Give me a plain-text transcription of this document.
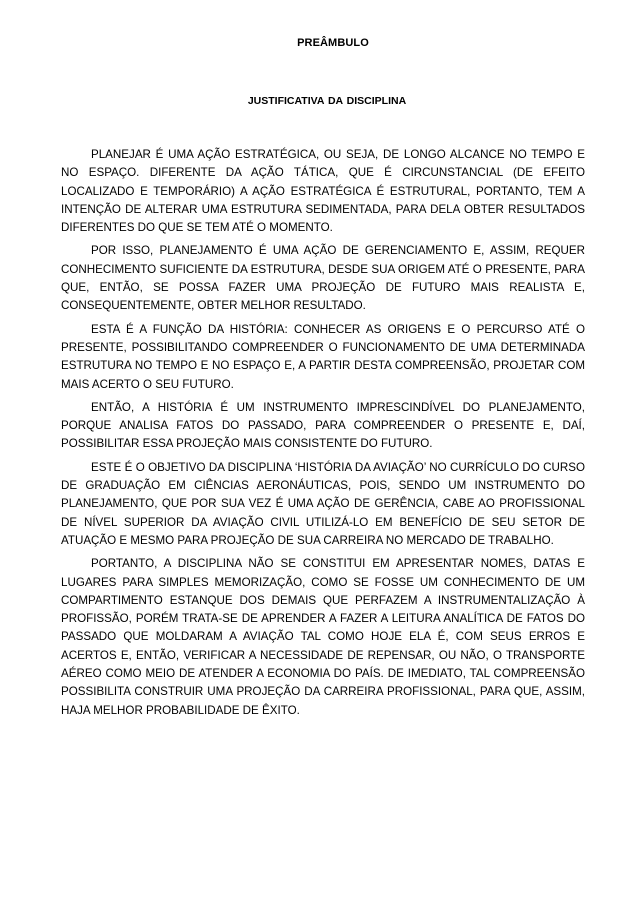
PREÂMBULO
JUSTIFICATIVA DA DISCIPLINA

PLANEJAR É UMA AÇÃO ESTRATÉGICA, OU SEJA, DE LONGO ALCANCE NO TEMPO E NO ESPAÇO. DIFERENTE DA AÇÃO TÁTICA, QUE É CIRCUNSTANCIAL (DE EFEITO LOCALIZADO E TEMPORÁRIO) A AÇÃO ESTRATÉGICA É ESTRUTURAL, PORTANTO, TEM A INTENÇÃO DE ALTERAR UMA ESTRUTURA SEDIMENTADA, PARA DELA OBTER RESULTADOS DIFERENTES DO QUE SE TEM ATÉ O MOMENTO.

POR ISSO, PLANEJAMENTO É UMA AÇÃO DE GERENCIAMENTO E, ASSIM, REQUER CONHECIMENTO SUFICIENTE DA ESTRUTURA, DESDE SUA ORIGEM ATÉ O PRESENTE, PARA QUE, ENTÃO, SE POSSA FAZER UMA PROJEÇÃO DE FUTURO MAIS REALISTA E, CONSEQUENTEMENTE, OBTER MELHOR RESULTADO.

ESTA É A FUNÇÃO DA HISTÓRIA: CONHECER AS ORIGENS E O PERCURSO ATÉ O PRESENTE, POSSIBILITANDO COMPREENDER O FUNCIONAMENTO DE UMA DETERMINADA ESTRUTURA NO TEMPO E NO ESPAÇO E, A PARTIR DESTA COMPREENSÃO, PROJETAR COM MAIS ACERTO O SEU FUTURO.

ENTÃO, A HISTÓRIA É UM INSTRUMENTO IMPRESCINDÍVEL DO PLANEJAMENTO, PORQUE ANALISA FATOS DO PASSADO, PARA COMPREENDER O PRESENTE E, DAÍ, POSSIBILITAR ESSA PROJEÇÃO MAIS CONSISTENTE DO FUTURO.

ESTE É O OBJETIVO DA DISCIPLINA ‘HISTÓRIA DA AVIAÇÃO’ NO CURRÍCULO DO CURSO DE GRADUAÇÃO EM CIÊNCIAS AERONÁUTICAS, POIS, SENDO UM INSTRUMENTO DO PLANEJAMENTO, QUE POR SUA VEZ É UMA AÇÃO DE GERÊNCIA, CABE AO PROFISSIONAL DE NÍVEL SUPERIOR DA AVIAÇÃO CIVIL UTILIZÁ-LO EM BENEFÍCIO DE SEU SETOR DE ATUAÇÃO E MESMO PARA PROJEÇÃO DE SUA CARREIRA NO MERCADO DE TRABALHO.

PORTANTO, A DISCIPLINA NÃO SE CONSTITUI EM APRESENTAR NOMES, DATAS E LUGARES PARA SIMPLES MEMORIZAÇÃO, COMO SE FOSSE UM CONHECIMENTO DE UM COMPARTIMENTO ESTANQUE DOS DEMAIS QUE PERFAZEM A INSTRUMENTALIZAÇÃO À PROFISSÃO, PORÉM TRATA-SE DE APRENDER A FAZER A LEITURA ANALÍTICA DE FATOS DO PASSADO QUE MOLDARAM A AVIAÇÃO TAL COMO HOJE ELA É, COM SEUS ERROS E ACERTOS E, ENTÃO, VERIFICAR A NECESSIDADE DE REPENSAR, OU NÃO, O TRANSPORTE AÉREO COMO MEIO DE ATENDER A ECONOMIA DO PAÍS. DE IMEDIATO, TAL COMPREENSÃO POSSIBILITA CONSTRUIR UMA PROJEÇÃO DA CARREIRA PROFISSIONAL, PARA QUE, ASSIM, HAJA MELHOR PROBABILIDADE DE ÊXITO.
